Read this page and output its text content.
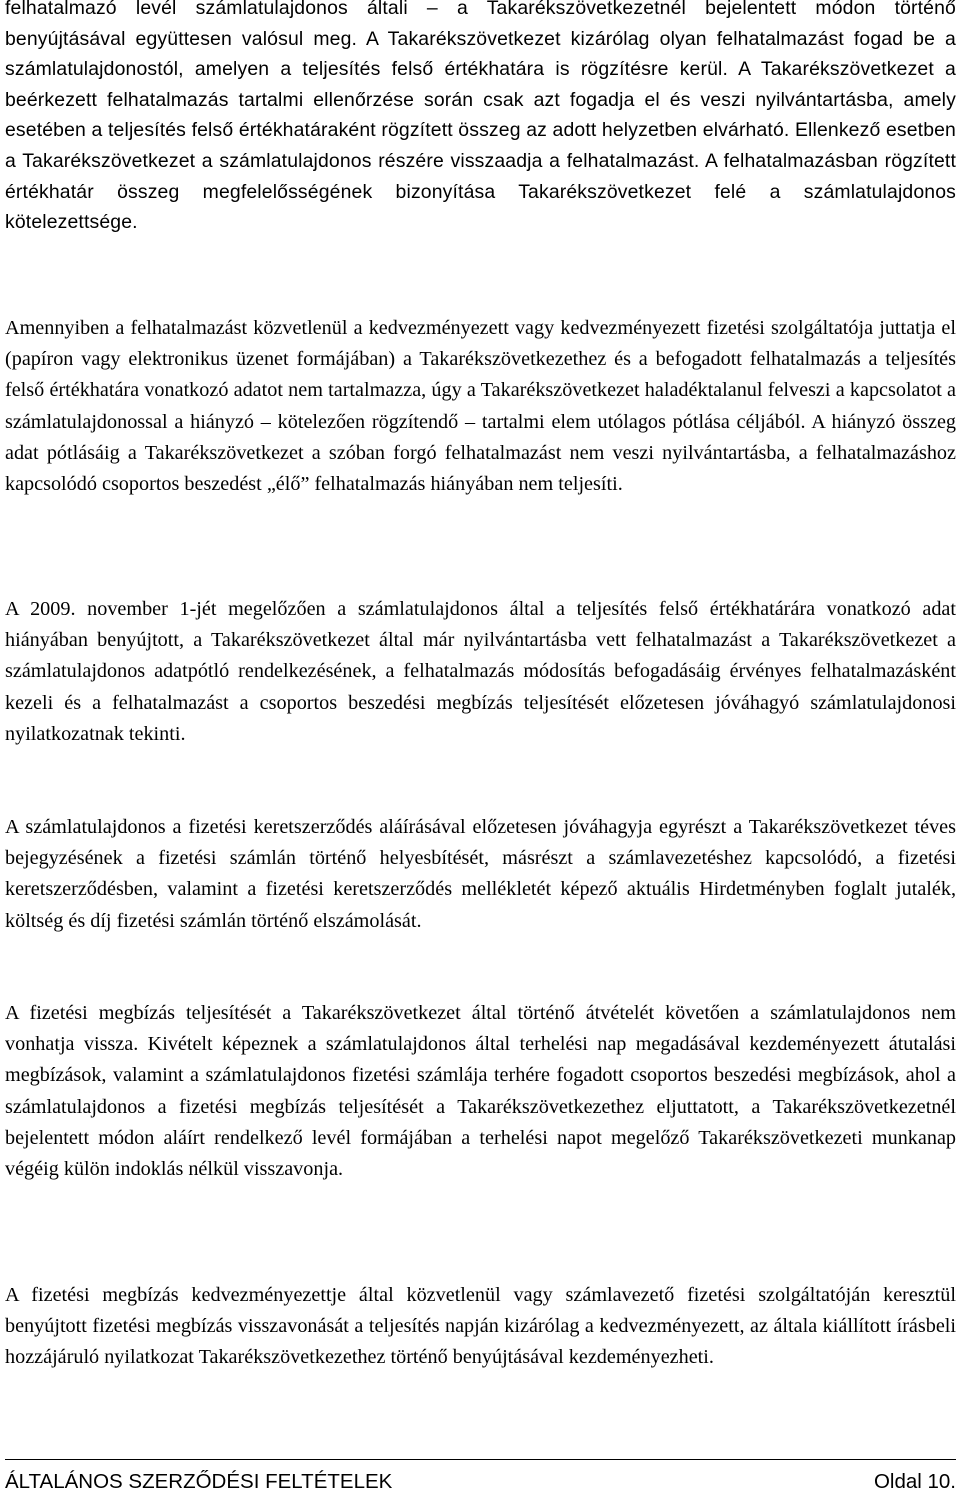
felhatalmazó levél számlatulajdonos általi – a Takarékszövetkezetnél bejelentett módon történő benyújtásával együttesen valósul meg. A Takarékszövetkezet kizárólag olyan felhatalmazást fogad be a számlatulajdonostól, amelyen a teljesítés felső értékhatára is rögzítésre kerül. A Takarékszövetkezet a beérkezett felhatalmazás tartalmi ellenőrzése során csak azt fogadja el és veszi nyilvántartásba, amely esetében a teljesítés felső értékhatáraként rögzített összeg az adott helyzetben elvárható. Ellenkező esetben a Takarékszövetkezet a számlatulajdonos részére visszaadja a felhatalmazást. A felhatalmazásban rögzített értékhatár összeg megfelelősségének bizonyítása Takarékszövetkezet felé a számlatulajdonos kötelezettsége.

Amennyiben a felhatalmazást közvetlenül a kedvezményezett vagy kedvezményezett fizetési szolgáltatója juttatja el (papíron vagy elektronikus üzenet formájában) a Takarékszövetkezethez és a befogadott felhatalmazás a teljesítés felső értékhatára vonatkozó adatot nem tartalmazza, úgy a Takarékszövetkezet haladéktalanul felveszi a kapcsolatot a számlatulajdonossal a hiányzó – kötelezően rögzítendő – tartalmi elem utólagos pótlása céljából. A hiányzó összeg adat pótlásáig a Takarékszövetkezet a szóban forgó felhatalmazást nem veszi nyilvántartásba, a felhatalmazáshoz kapcsolódó csoportos beszedést „élő” felhatalmazás hiányában nem teljesíti.

A 2009. november 1-jét megelőzően a számlatulajdonos által a teljesítés felső értékhatárára vonatkozó adat hiányában benyújtott, a Takarékszövetkezet által már nyilvántartásba vett felhatalmazást a Takarékszövetkezet a számlatulajdonos adatpótló rendelkezésének, a felhatalmazás módosítás befogadásáig érvényes felhatalmazásként kezeli és a felhatalmazást a csoportos beszedési megbízás teljesítését előzetesen jóváhagyó számlatulajdonosi nyilatkozatnak tekinti.

A számlatulajdonos a fizetési keretszerződés aláírásával előzetesen jóváhagyja egyrészt a Takarékszövetkezet téves bejegyzésének a fizetési számlán történő helyesbítését, másrészt a számlavezetéshez kapcsolódó, a fizetési keretszerződésben, valamint a fizetési keretszerződés mellékletét képező aktuális Hirdetményben foglalt jutalék, költség és díj fizetési számlán történő elszámolását.

A fizetési megbízás teljesítését a Takarékszövetkezet által történő átvételét követően a számlatulajdonos nem vonhatja vissza. Kivételt képeznek a számlatulajdonos által terhelési nap megadásával kezdeményezett átutalási megbízások, valamint a számlatulajdonos fizetési számlája terhére fogadott csoportos beszedési megbízások, ahol a számlatulajdonos a fizetési megbízás teljesítését a Takarékszövetkezethez eljuttatott, a Takarékszövetkezetnél bejelentett módon aláírt rendelkező levél formájában a terhelési napot megelőző Takarékszövetkezeti munkanap végéig külön indoklás nélkül visszavonja.

A fizetési megbízás kedvezményezettje által közvetlenül vagy számlavezető fizetési szolgáltatóján keresztül benyújtott fizetési megbízás visszavonását a teljesítés napján kizárólag a kedvezményezett, az általa kiállított írásbeli hozzájáruló nyilatkozat Takarékszövetkezethez történő benyújtásával kezdeményezheti.

ÁLTALÁNOS SZERZŐDÉSI FELTÉTELEK	Oldal 10.
